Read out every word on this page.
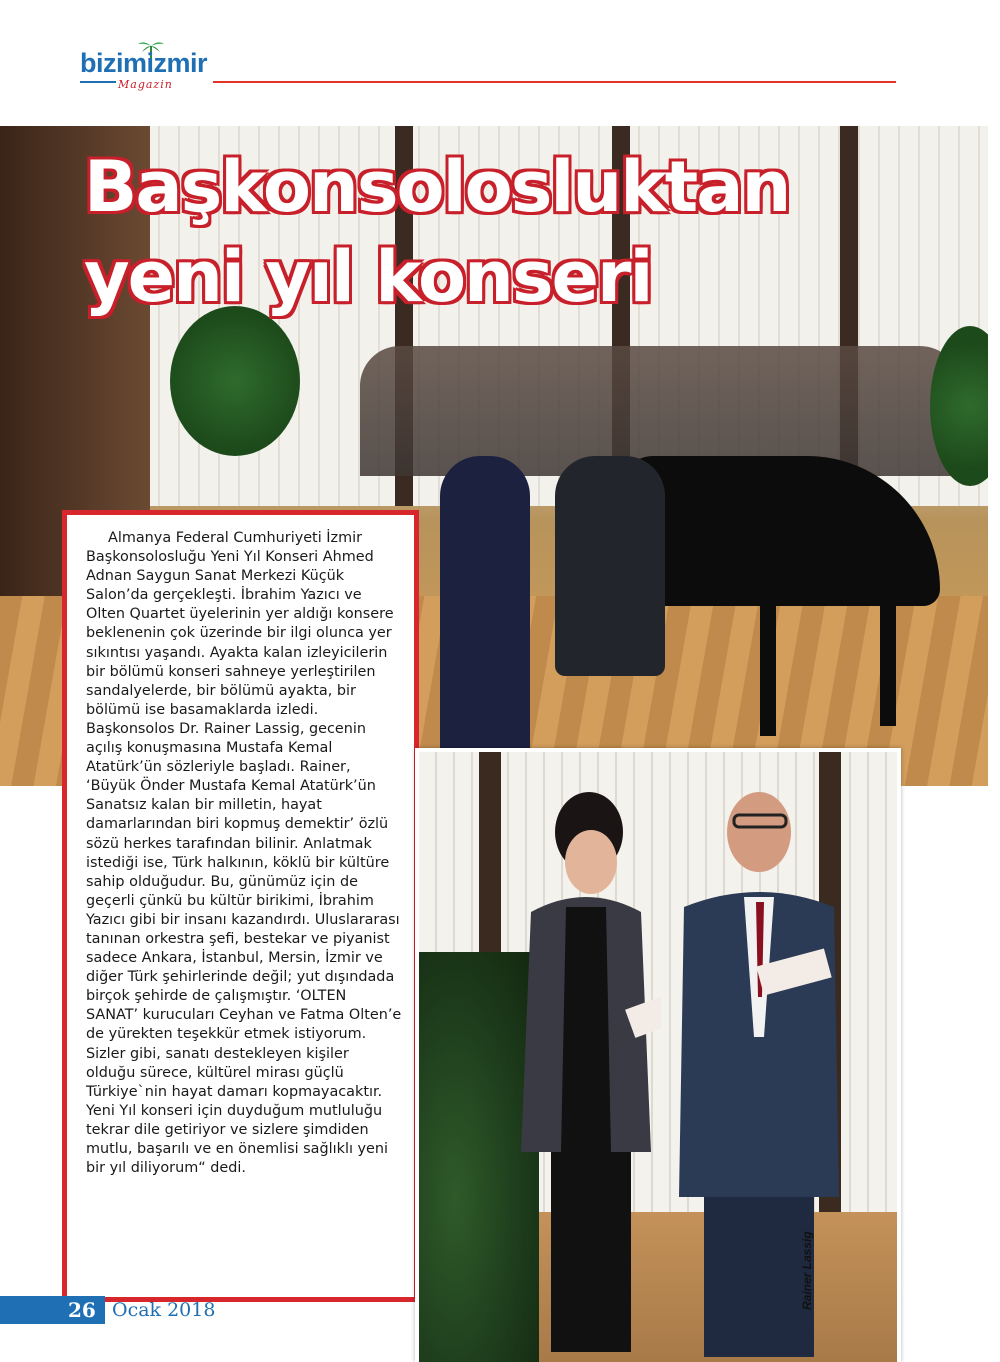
bizimizmir
Magazin
Başkonsolosluktan
yeni yıl konseri

Almanya Federal Cumhuriyeti İzmir Başkonsolosluğu Yeni Yıl Konseri Ahmed Adnan Saygun Sanat Merkezi Küçük Salon’da gerçekleşti. İbrahim Yazıcı ve Olten Quartet üyelerinin yer aldığı konsere beklenenin çok üzerinde bir ilgi olunca yer sıkıntısı yaşandı. Ayakta kalan izleyicilerin bir bölümü konseri sahneye yerleştirilen sandalyelerde, bir bölümü ayakta, bir bölümü ise basamaklarda izledi. Başkonsolos Dr. Rainer Lassig, gecenin açılış konuşmasına Mustafa Kemal Atatürk’ün sözleriyle başladı. Rainer, ‘Büyük Önder Mustafa Kemal Atatürk’ün Sanatsız kalan bir milletin, hayat damarlarından biri kopmuş demektir’ özlü sözü herkes tarafından bilinir. Anlatmak istediği ise, Türk halkının, köklü bir kültüre sahip olduğudur. Bu, günümüz için de geçerli çünkü bu kültür birikimi, İbrahim Yazıcı gibi bir insanı kazandırdı. Uluslararası tanınan orkestra şefi, bestekar ve piyanist sadece Ankara, İstanbul, Mersin, İzmir ve diğer Türk şehirlerinde değil; yut dışındada birçok şehirde de çalışmıştır. ‘OLTEN SANAT’ kurucuları Ceyhan ve Fatma Olten’e de yürekten teşekkür etmek istiyorum. Sizler gibi, sanatı destekleyen kişiler olduğu sürece, kültürel mirası güçlü Türkiye`nin hayat damarı kopmayacaktır. Yeni Yıl konseri için duyduğum mutluluğu tekrar dile getiriyor ve sizlere şimdiden mutlu, başarılı ve en önemlisi sağlıklı yeni bir yıl diliyorum“ dedi.

Rainer Lassig
26 Ocak 2018
